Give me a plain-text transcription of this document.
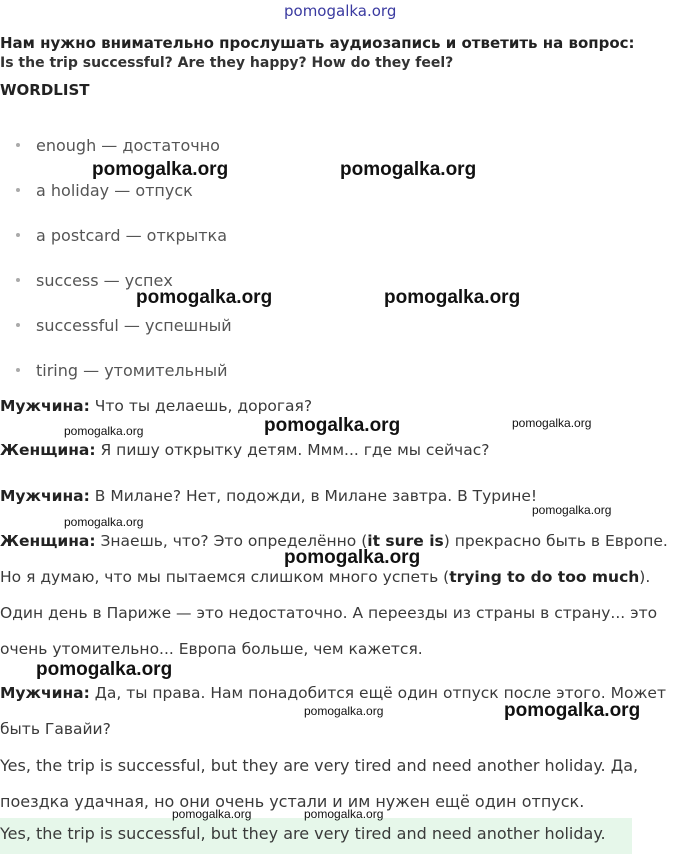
pomogalka.org
Нам нужно внимательно прослушать аудиозапись и ответить на вопрос:
Is the trip successful? Are they happy? How do they feel?
WORDLIST
enough — достаточно
a holiday — отпуск
a postcard — открытка
success — успех
successful — успешный
tiring — утомительный
Мужчина: Что ты делаешь, дорогая?
Женщина: Я пишу открытку детям. Ммм... где мы сейчас?
Мужчина: В Милане? Нет, подожди, в Милане завтра. В Турине!
Женщина: Знаешь, что? Это определённо (it sure is) прекрасно быть в Европе.
Но я думаю, что мы пытаемся слишком много успеть (trying to do too much).
Один день в Париже — это недостаточно. А переезды из страны в страну... это
очень утомительно... Европа больше, чем кажется.
Мужчина: Да, ты права. Нам понадобится ещё один отпуск после этого. Может
быть Гавайи?
Yes, the trip is successful, but they are very tired and need another holiday. Да,
поездка удачная, но они очень устали и им нужен ещё один отпуск.
Yes, the trip is successful, but they are very tired and need another holiday.
pomogalka.org	pomogalka.org
pomogalka.org	pomogalka.org
pomogalka.org	pomogalka.org
pomogalka.org
pomogalka.org
pomogalka.org
pomogalka.org
pomogalka.org
pomogalka.org	pomogalka.org
pomogalka.org	pomogalka.org
